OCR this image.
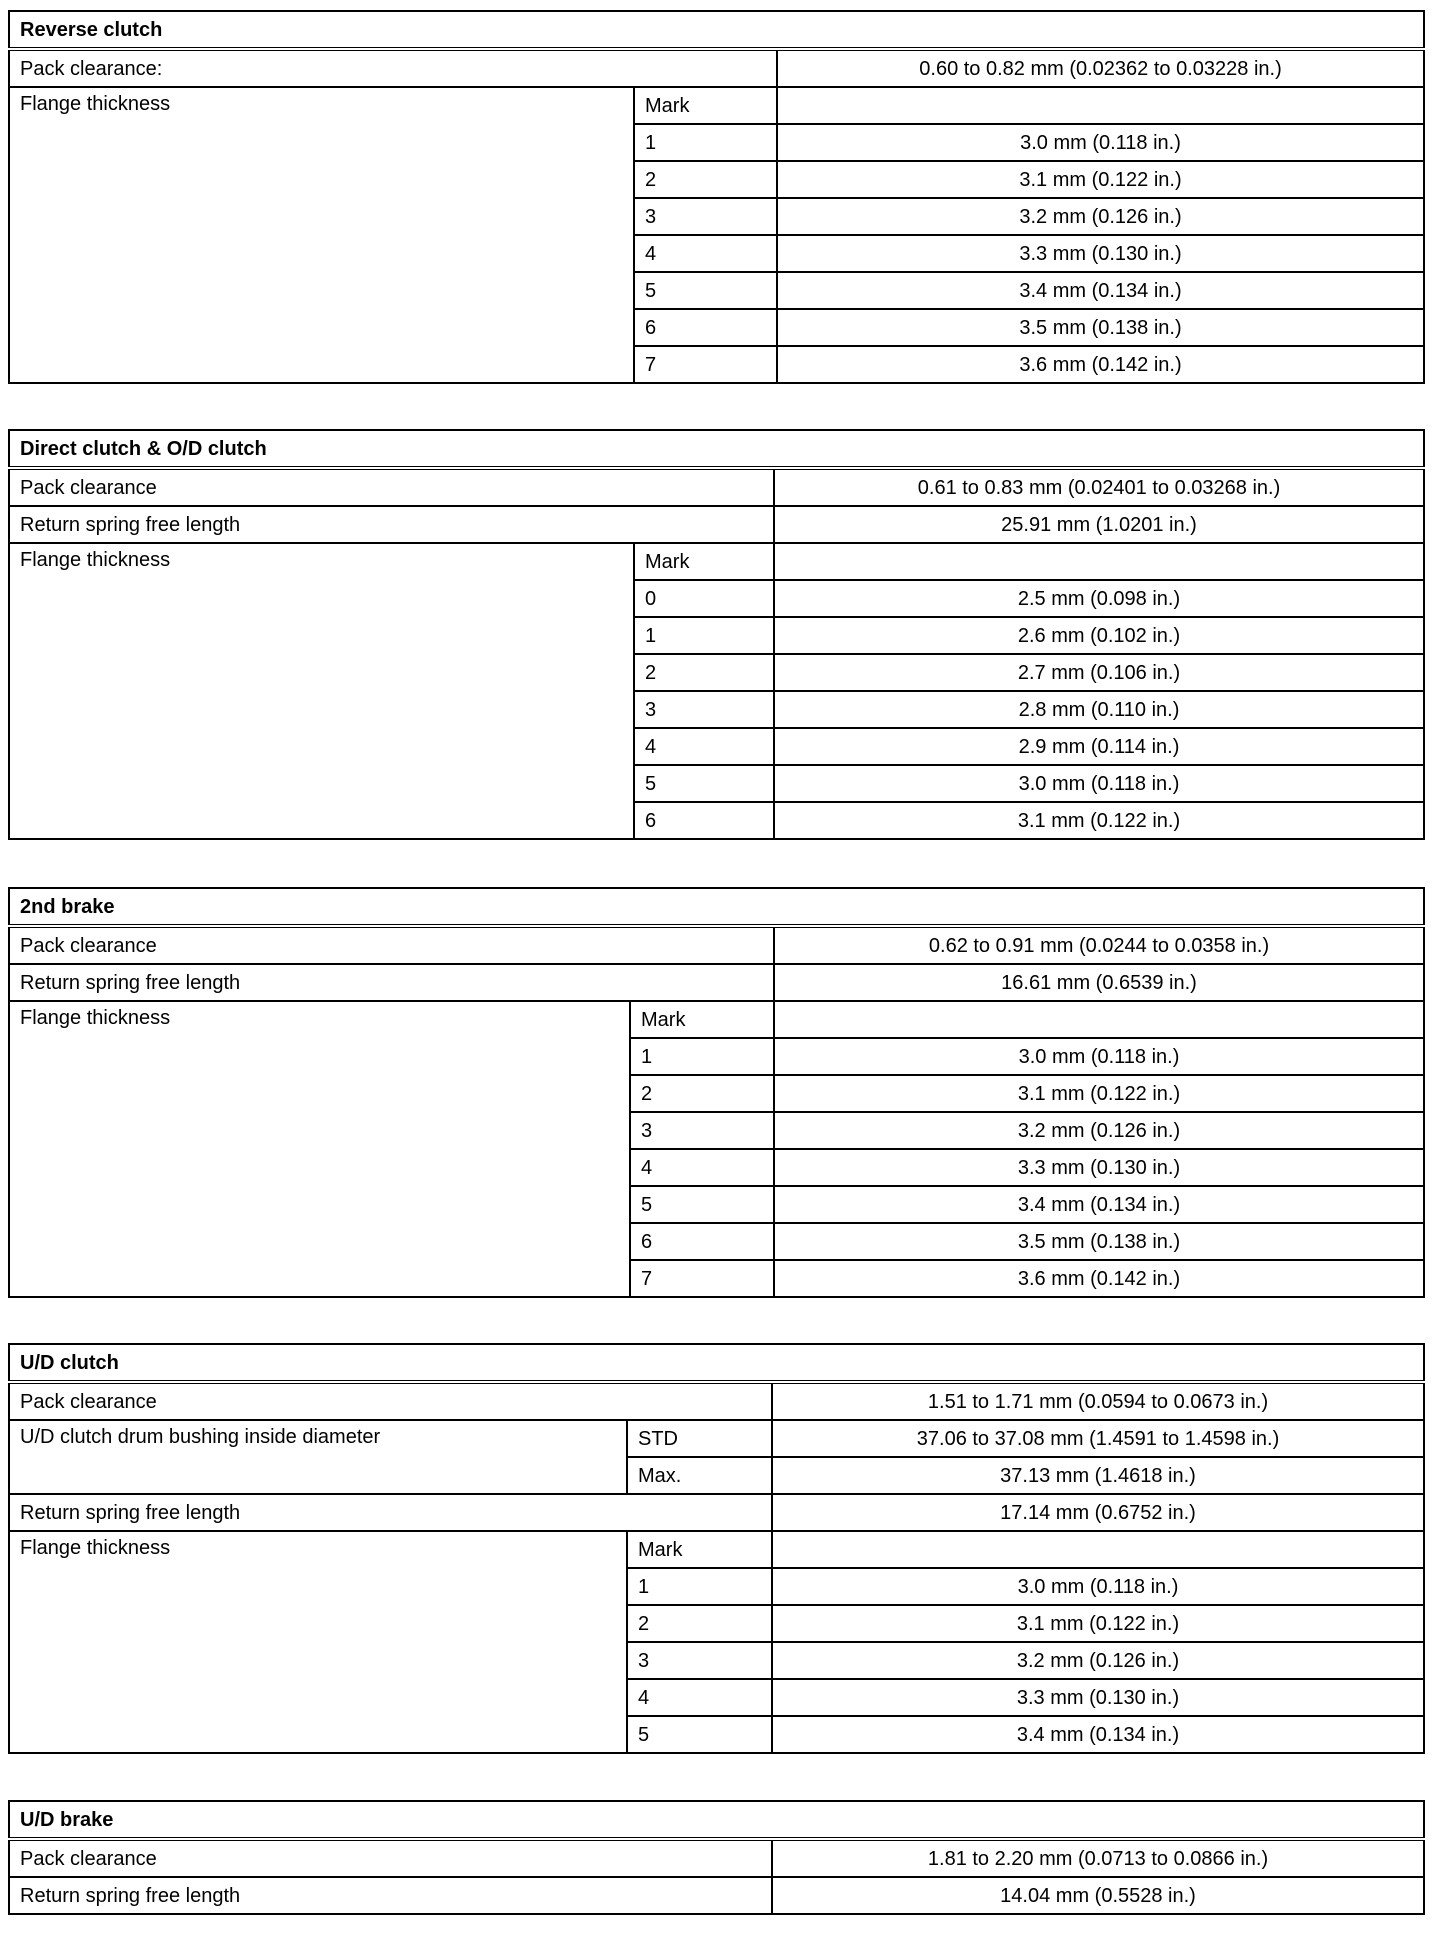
Reverse clutch		
Pack clearance:		0.60 to 0.82 mm (0.02362 to 0.03228 in.)
Flange thickness	Mark	
	1	3.0 mm (0.118 in.)
	2	3.1 mm (0.122 in.)
	3	3.2 mm (0.126 in.)
	4	3.3 mm (0.130 in.)
	5	3.4 mm (0.134 in.)
	6	3.5 mm (0.138 in.)
	7	3.6 mm (0.142 in.)
Direct clutch & O/D clutch		
Pack clearance		0.61 to 0.83 mm (0.02401 to 0.03268 in.)
Return spring free length		25.91 mm (1.0201 in.)
Flange thickness	Mark	
	0	2.5 mm (0.098 in.)
	1	2.6 mm (0.102 in.)
	2	2.7 mm (0.106 in.)
	3	2.8 mm (0.110 in.)
	4	2.9 mm (0.114 in.)
	5	3.0 mm (0.118 in.)
	6	3.1 mm (0.122 in.)
2nd brake		
Pack clearance		0.62 to 0.91 mm (0.0244 to 0.0358 in.)
Return spring free length		16.61 mm (0.6539 in.)
Flange thickness	Mark	
	1	3.0 mm (0.118 in.)
	2	3.1 mm (0.122 in.)
	3	3.2 mm (0.126 in.)
	4	3.3 mm (0.130 in.)
	5	3.4 mm (0.134 in.)
	6	3.5 mm (0.138 in.)
	7	3.6 mm (0.142 in.)
U/D clutch		
Pack clearance		1.51 to 1.71 mm (0.0594 to 0.0673 in.)
U/D clutch drum bushing inside diameter	STD	37.06 to 37.08 mm (1.4591 to 1.4598 in.)
	Max.	37.13 mm (1.4618 in.)
Return spring free length		17.14 mm (0.6752 in.)
Flange thickness	Mark	
	1	3.0 mm (0.118 in.)
	2	3.1 mm (0.122 in.)
	3	3.2 mm (0.126 in.)
	4	3.3 mm (0.130 in.)
	5	3.4 mm (0.134 in.)
U/D brake	
Pack clearance	1.81 to 2.20 mm (0.0713 to 0.0866 in.)
Return spring free length	14.04 mm (0.5528 in.)
